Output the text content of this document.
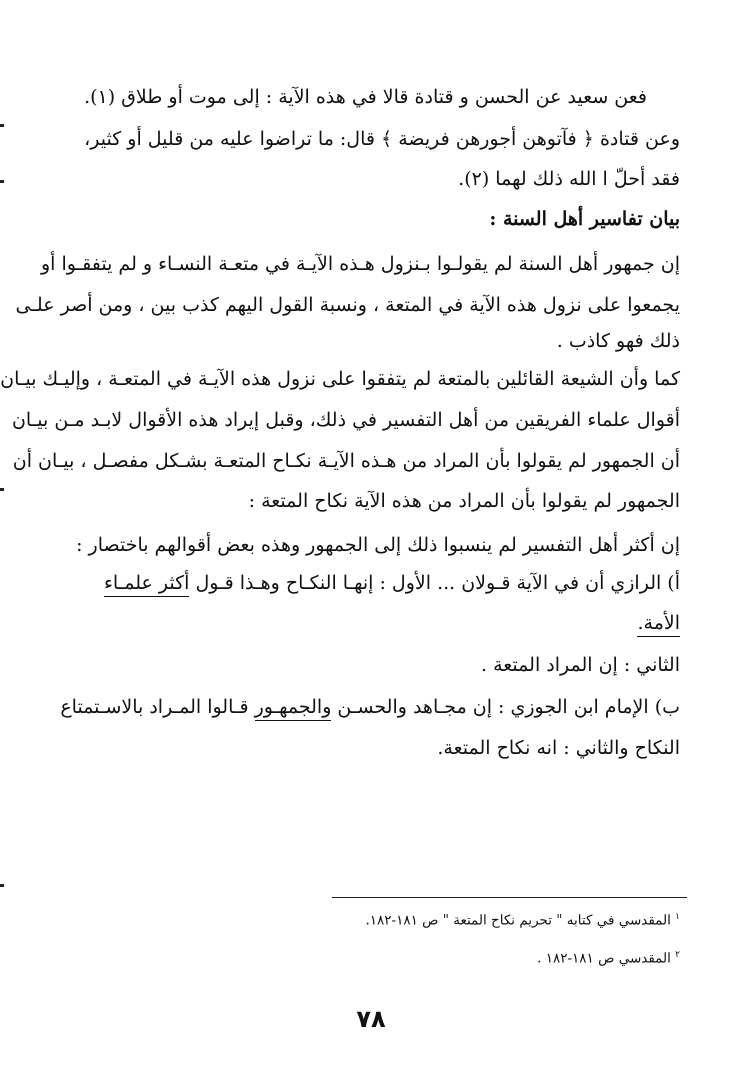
فعن سعيد عن الحسن و قتادة قالا في هذه الآية : إلى موت أو طلاق (١).
وعن قتادة ﴿ فآتوهن أجورهن فريضة ﴾ قال: ما تراضوا عليه من قليل أو كثير،
فقد أحلّ ا الله ذلك لهما (٢).
بيان تفاسير أهل السنة :
إن جمهور أهل السنة لم يقولـوا بـنزول هـذه الآيـة في متعـة النسـاء و لم يتفقـوا أو
يجمعوا على نزول هذه الآية في المتعة ، ونسبة القول اليهم كذب بين ، ومن أصر علـى
ذلك فهو كاذب .
كما وأن الشيعة القائلين بالمتعة لم يتفقوا على نزول هذه الآيـة في المتعـة ، وإليـك بيـان
أقوال علماء الفريقين من أهل التفسير في ذلك، وقبل إيراد هذه الأقوال لابـد مـن بيـان
أن الجمهور لم يقولوا بأن المراد من هـذه الآيـة نكـاح المتعـة بشـكل مفصـل ، بيـان أن
الجمهور لم يقولوا بأن المراد من هذه الآية نكاح المتعة :
إن أكثر أهل التفسير لم ينسبوا ذلك إلى الجمهور وهذه بعض أقوالهم باختصار :
أ) الرازي أن في الآية قـولان ... الأول : إنهـا النكـاح وهـذا قـول أكثر علمـاء
الأمة.
الثاني : إن المراد المتعة .
ب) الإمام ابن الجوزي : إن مجـاهد والحسـن والجمهـور قـالوا المـراد بالاسـتمتاع
النكاح والثاني : انه نكاح المتعة.
$^١$ المقدسي في كتابه " تحريم نكاح المتعة " ص ١٨١-١٨٢.
$^٢$ المقدسي ص ١٨١-١٨٢ .
٧٨
